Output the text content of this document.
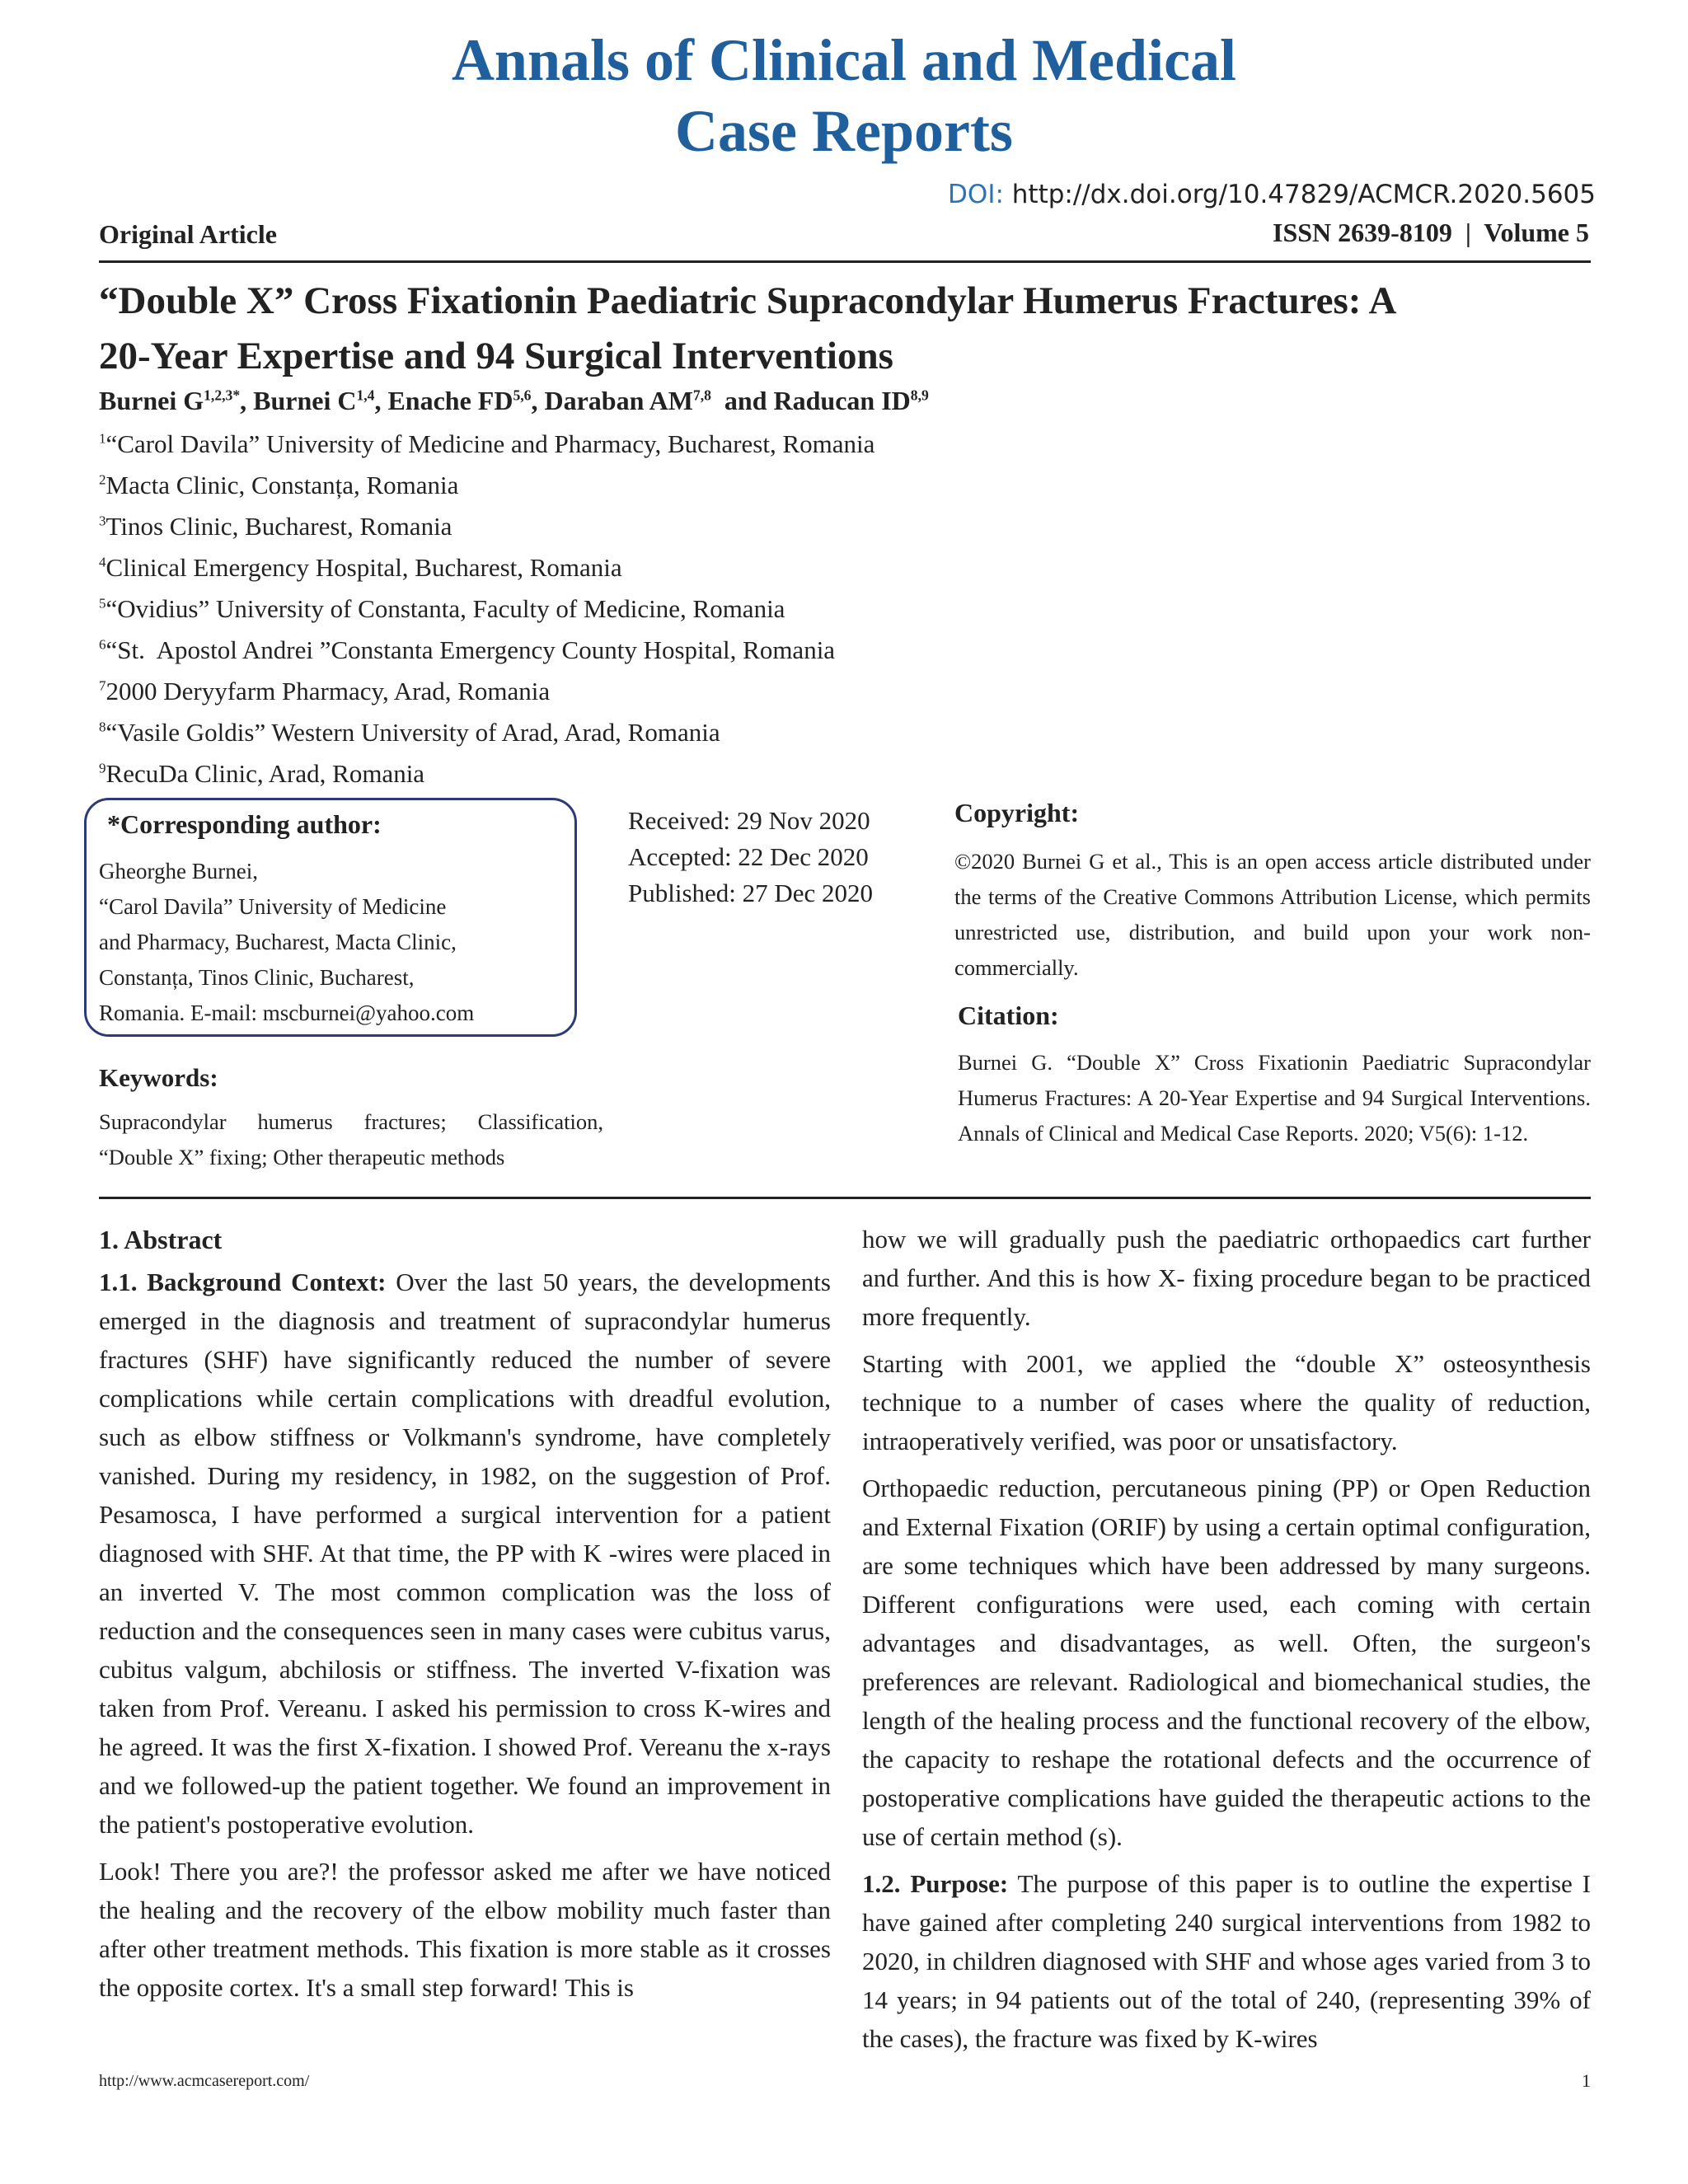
Annals of Clinical and Medical
Case Reports
DOI: http://dx.doi.org/10.47829/ACMCR.2020.5605
Original Article	ISSN 2639-8109  |  Volume 5
“Double X” Cross Fixationin Paediatric Supracondylar Humerus Fractures: A
20-Year Expertise and 94 Surgical Interventions
Burnei $G^{1,2,3*}$, Burnei C$^{1,4}$, Enache FD$^{5,6}$, Daraban AM$^{7,8}$  and Raducan ID$^{8,9}$
$^1$“Carol Davila” University of Medicine and Pharmacy, Bucharest, Romania
$^2$Macta Clinic, Constanța, Romania
$^3$Tinos Clinic, Bucharest, Romania
$^4$Clinical Emergency Hospital, Bucharest, Romania
$^5$“Ovidius” University of Constanta, Faculty of Medicine, Romania
$^6$“St.  Apostol Andrei ”Constanta Emergency County Hospital, Romania
$^7$2000 Deryyfarm Pharmacy, Arad, Romania
$^8$“Vasile Goldis” Western University of Arad, Arad, Romania
$^9$RecuDa Clinic, Arad, Romania
*Corresponding author:
Gheorghe Burnei,
“Carol Davila” University of Medicine
and Pharmacy, Bucharest, Macta Clinic,
Constanța, Tinos Clinic, Bucharest,
Romania. E-mail: mscburnei@yahoo.com
Received: 29 Nov 2020
Accepted: 22 Dec 2020
Published: 27 Dec 2020
Copyright:
©2020 Burnei G et al., This is an open access article distributed under the terms of the Creative Commons Attribution License, which permits unrestricted use, distribution, and build upon your work non-commercially.
Citation:
Burnei G. “Double X” Cross Fixationin Paediatric Supracondylar Humerus Fractures: A 20-Year Expertise and 94 Surgical Interventions. Annals of Clinical and Medical Case Reports. 2020; V5(6): 1-12.
Keywords:
Supracondylar humerus fractures; Classification, “Double X” fixing; Other therapeutic methods
1. Abstract

1.1. Background Context: Over the last 50 years, the developments emerged in the diagnosis and treatment of supracondylar humerus fractures (SHF) have significantly reduced the number of severe complications while certain complications with dreadful evolution, such as elbow stiffness or Volkmann's syndrome, have completely vanished. During my residency, in 1982, on the suggestion of Prof. Pesamosca, I have performed a surgical intervention for a patient diagnosed with SHF. At that time, the PP with K -wires were placed in an inverted V. The most common complication was the loss of reduction and the consequences seen in many cases were cubitus varus, cubitus valgum, abchilosis or stiffness. The inverted V-fixation was taken from Prof. Vereanu. I asked his permission to cross K-wires and he agreed. It was the first X-fixation. I showed Prof. Vereanu the x-rays and we followed-up the patient together. We found an improvement in the patient's postoperative evolution.

Look! There you are?! the professor asked me after we have noticed the healing and the recovery of the elbow mobility much faster than after other treatment methods. This fixation is more stable as it crosses the opposite cortex. It's a small step forward! This is

how we will gradually push the paediatric orthopaedics cart further and further. And this is how X- fixing procedure began to be practiced more frequently.

Starting with 2001, we applied the “double X” osteosynthesis technique to a number of cases where the quality of reduction, intraoperatively verified, was poor or unsatisfactory.

Orthopaedic reduction, percutaneous pining (PP) or Open Reduction and External Fixation (ORIF) by using a certain optimal configuration, are some techniques which have been addressed by many surgeons. Different configurations were used, each coming with certain advantages and disadvantages, as well. Often, the surgeon's preferences are relevant. Radiological and biomechanical studies, the length of the healing process and the functional recovery of the elbow, the capacity to reshape the rotational defects and the occurrence of postoperative complications have guided the therapeutic actions to the use of certain method (s).

1.2. Purpose: The purpose of this paper is to outline the expertise I have gained after completing 240 surgical interventions from 1982 to 2020, in children diagnosed with SHF and whose ages varied from 3 to 14 years; in 94 patients out of the total of 240, (representing 39% of the cases), the fracture was fixed by K-wires

http://www.acmcasereport.com/	1
